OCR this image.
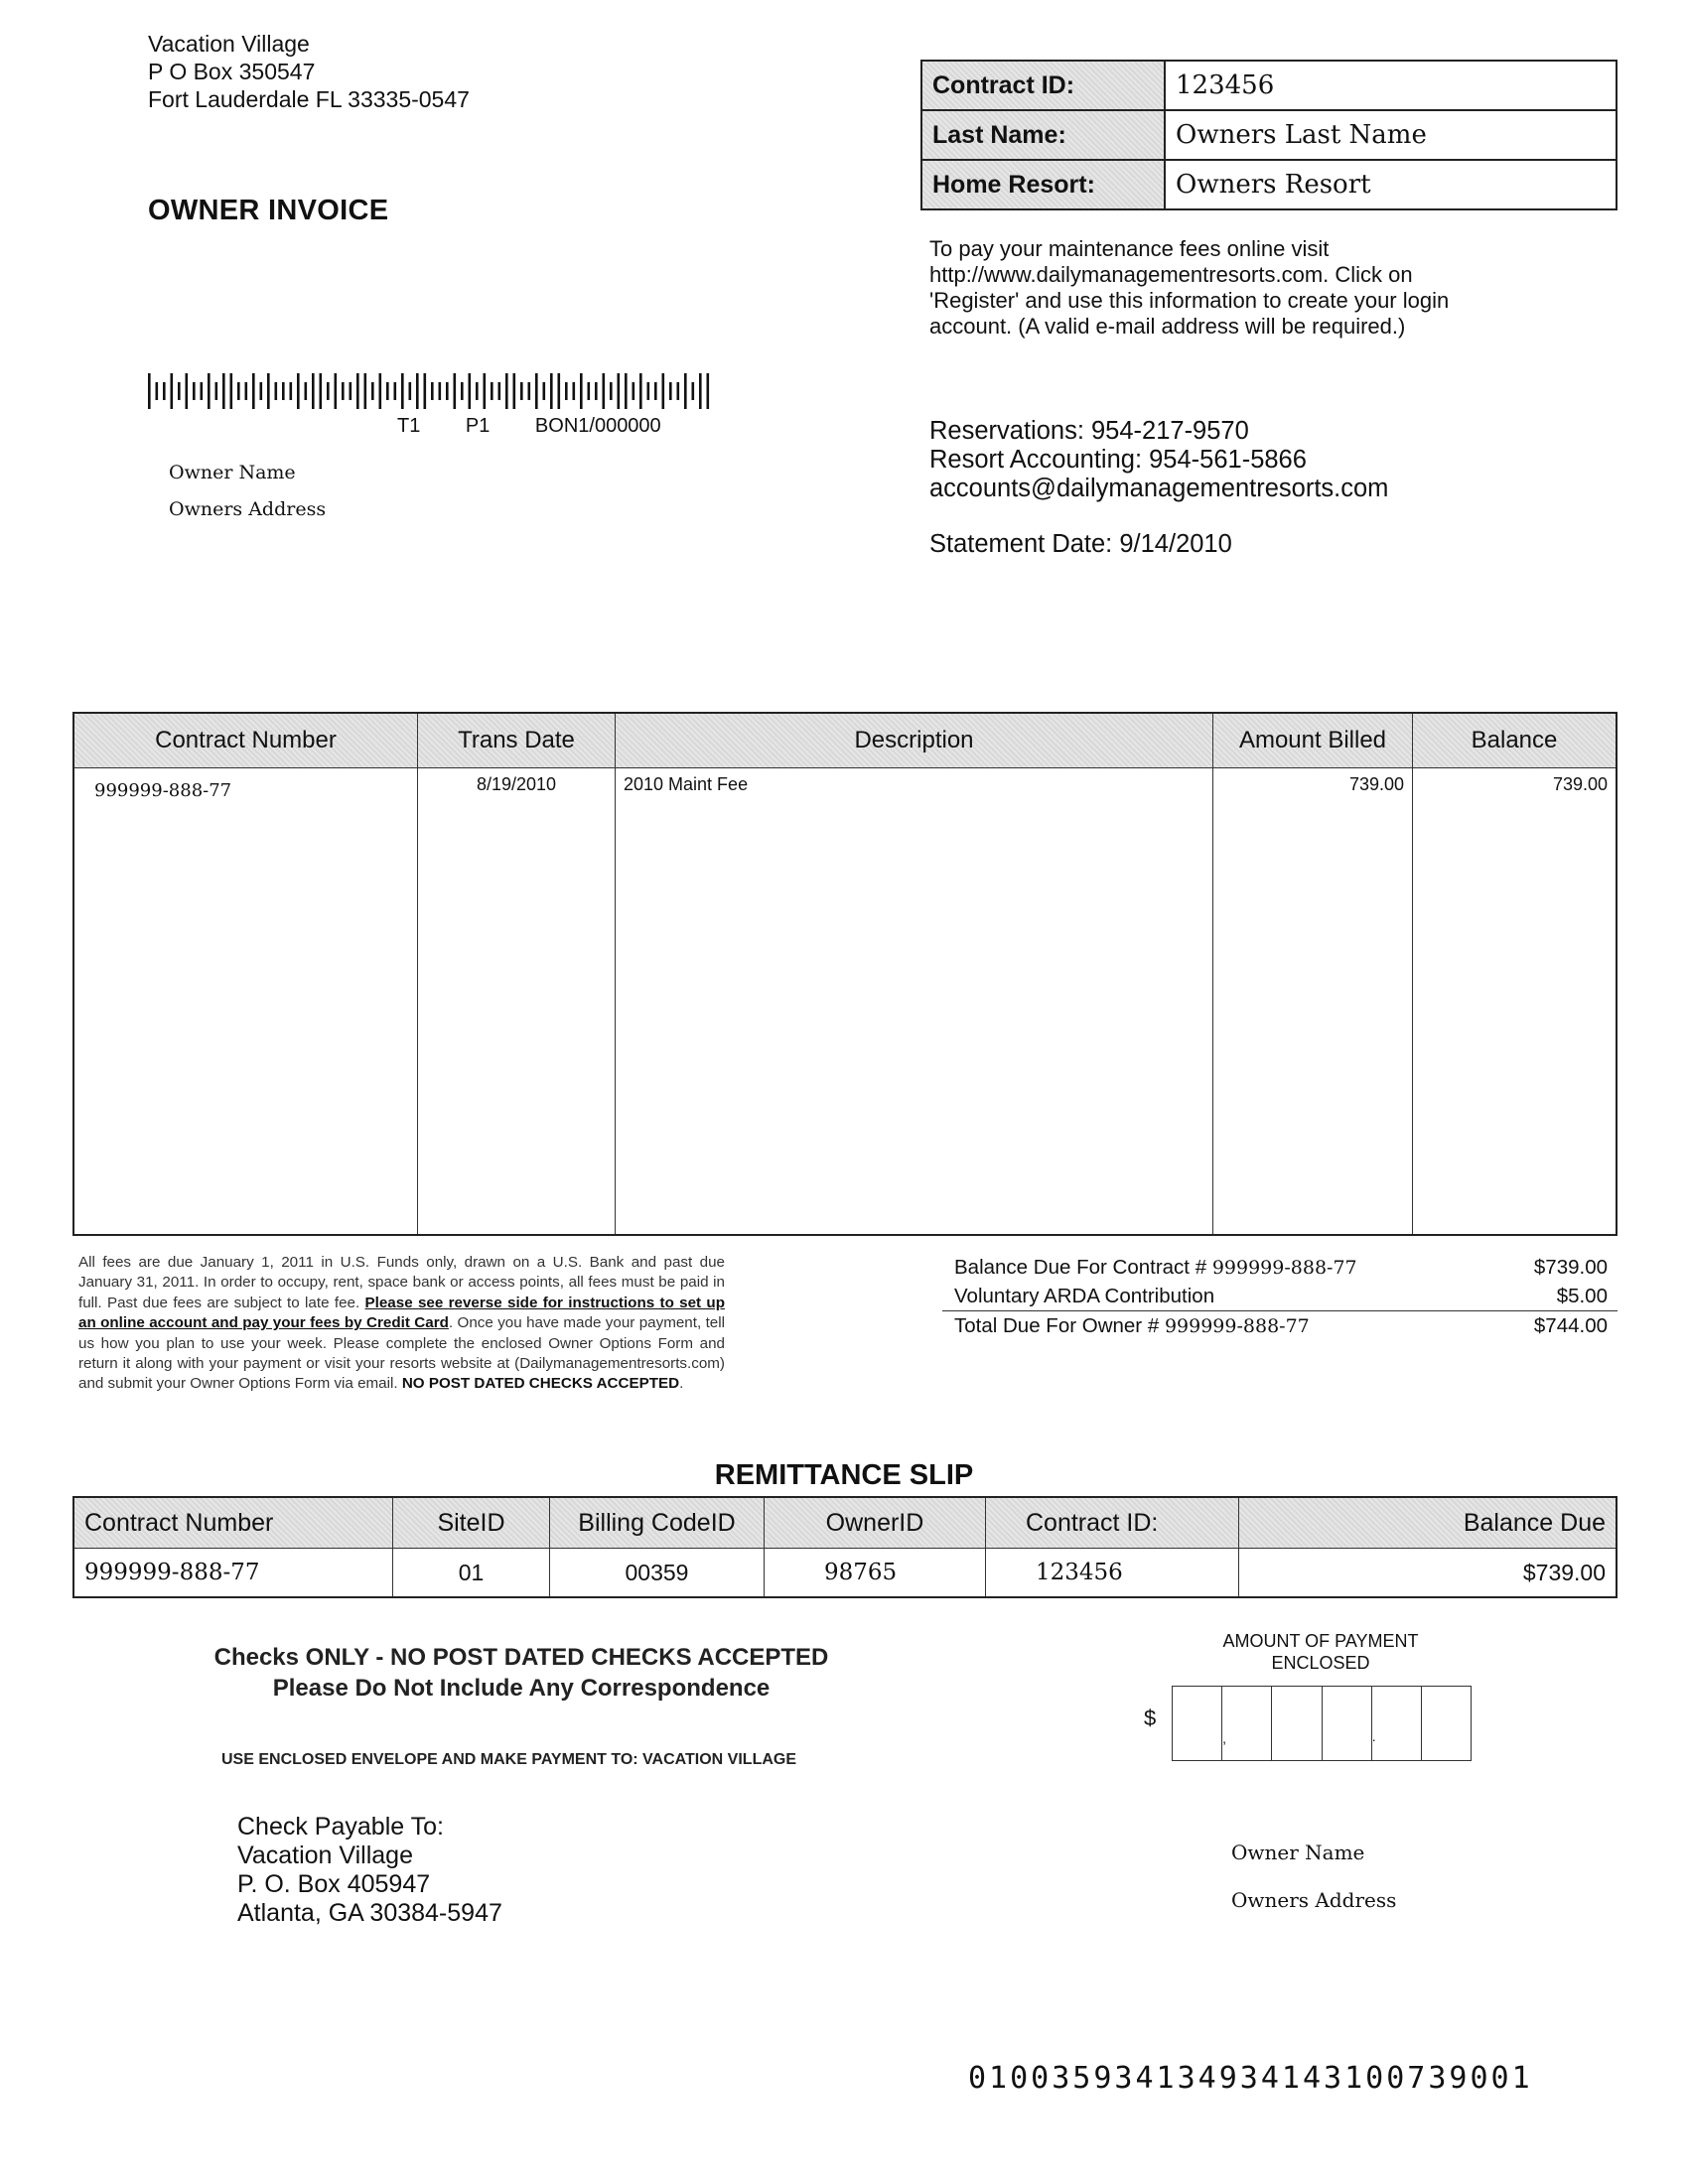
Vacation Village
P O Box 350547
Fort Lauderdale FL 33335-0547
OWNER INVOICE
Contract ID:	123456
Last Name:	Owners Last Name
Home Resort:	Owners Resort
To pay your maintenance fees online visit
http://www.dailymanagementresorts.com. Click on
'Register' and use this information to create your login
account. (A valid e-mail address will be required.)
Reservations: 954-217-9570
Resort Accounting: 954-561-5866
accounts@dailymanagementresorts.com
Statement Date: 9/14/2010
T1 P1 BON1/000000
Owner Name
Owners Address
Contract Number	Trans Date	Description	Amount Billed	Balance
999999-888-77	8/19/2010	2010 Maint Fee	739.00	739.00
All fees are due January 1, 2011 in U.S. Funds only, drawn on a U.S. Bank and past due January 31, 2011. In order to occupy, rent, space bank or access points, all fees must be paid in full. Past due fees are subject to late fee. Please see reverse side for instructions to set up an online account and pay your fees by Credit Card. Once you have made your payment, tell us how you plan to use your week. Please complete the enclosed Owner Options Form and return it along with your payment or visit your resorts website at (Dailymanagementresorts.com) and submit your Owner Options Form via email. NO POST DATED CHECKS ACCEPTED.
Balance Due For Contract # 999999-888-77	$739.00
Voluntary ARDA Contribution	$5.00
Total Due For Owner # 999999-888-77	$744.00
REMITTANCE SLIP
Contract Number	SiteID	Billing CodeID	OwnerID	Contract ID:	Balance Due
999999-888-77	01	00359	98765	123456	$739.00
Checks ONLY - NO POST DATED CHECKS ACCEPTED
Please Do Not Include Any Correspondence
USE ENCLOSED ENVELOPE AND MAKE PAYMENT TO: VACATION VILLAGE
Check Payable To:
Vacation Village
P. O. Box 405947
Atlanta, GA 30384-5947
AMOUNT OF PAYMENT
ENCLOSED
$
,	.
Owner Name
Owners Address
010035934134934143100739001
